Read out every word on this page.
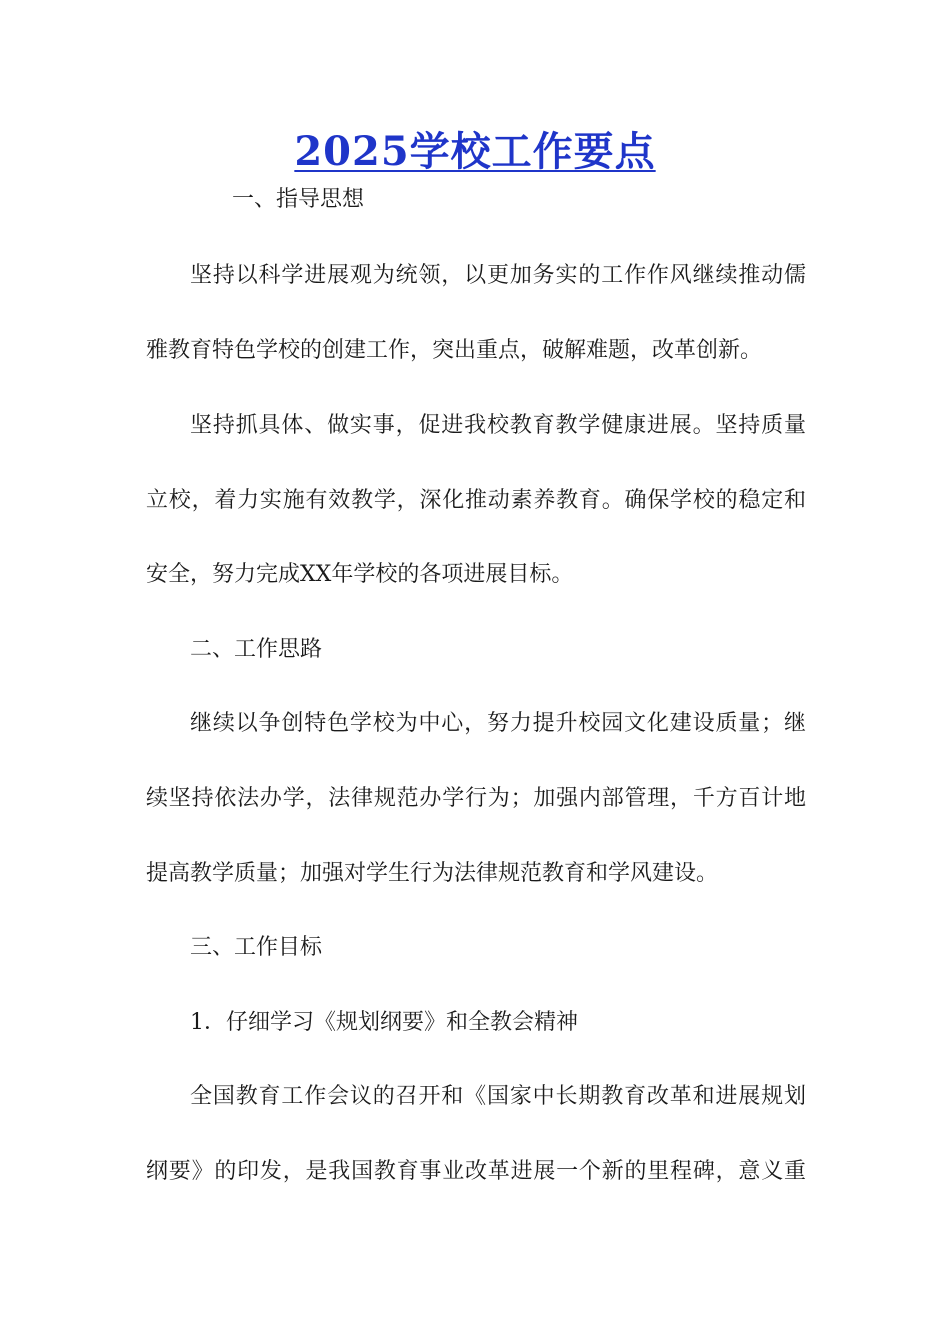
2025学校工作要点

一、指导思想

坚持以科学进展观为统领，以更加务实的工作作风继续推动儒

雅教育特色学校的创建工作，突出重点，破解难题，改革创新。

坚持抓具体、做实事，促进我校教育教学健康进展。坚持质量

立校，着力实施有效教学，深化推动素养教育。确保学校的稳定和

安全，努力完成XX年学校的各项进展目标。

二、工作思路

继续以争创特色学校为中心，努力提升校园文化建设质量；继

续坚持依法办学，法律规范办学行为；加强内部管理，千方百计地

提高教学质量；加强对学生行为法律规范教育和学风建设。

三、工作目标

1．仔细学习《规划纲要》和全教会精神

全国教育工作会议的召开和《国家中长期教育改革和进展规划

纲要》的印发，是我国教育事业改革进展一个新的里程碑，意义重
